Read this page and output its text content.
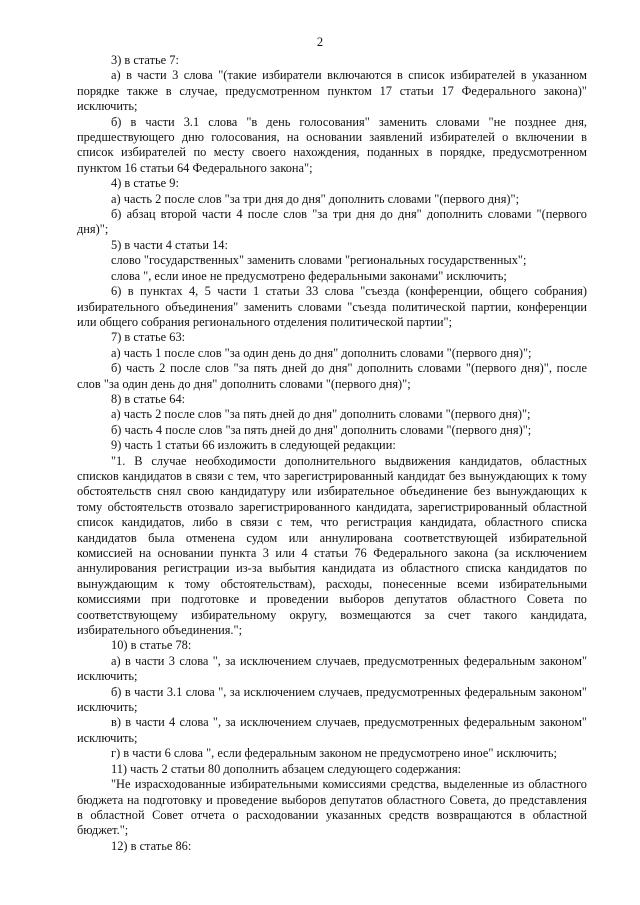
2

3) в статье 7:

а) в части 3 слова "(такие избиратели включаются в список избирателей в указанном порядке также в случае, предусмотренном пунктом 17 статьи 17 Федерального закона)" исключить;

б) в части 3.1 слова "в день голосования" заменить словами "не позднее дня, предшествующего дню голосования, на основании заявлений избирателей о включении в список избирателей по месту своего нахождения, поданных в порядке, предусмотренном пунктом 16 статьи 64 Федерального закона";

4) в статье 9:

а) часть 2 после слов "за три дня до дня" дополнить словами "(первого дня)";

б) абзац второй части 4 после слов "за три дня до дня" дополнить словами "(первого дня)";

5) в части 4 статьи 14:

слово "государственных" заменить словами "региональных государственных";

слова ", если иное не предусмотрено федеральными законами" исключить;

6) в пунктах 4, 5 части 1 статьи 33 слова "съезда (конференции, общего собрания) избирательного объединения" заменить словами "съезда политической партии, конференции или общего собрания регионального отделения политической партии";

7) в статье 63:

а) часть 1 после слов "за один день до дня" дополнить словами "(первого дня)";

б) часть 2 после слов "за пять дней до дня" дополнить словами "(первого дня)", после слов "за один день до дня" дополнить словами "(первого дня)";

8) в статье 64:

а) часть 2 после слов "за пять дней до дня" дополнить словами "(первого дня)";

б) часть 4 после слов "за пять дней до дня" дополнить словами "(первого дня)";

9) часть 1 статьи 66 изложить в следующей редакции:

"1. В случае необходимости дополнительного выдвижения кандидатов, областных списков кандидатов в связи с тем, что зарегистрированный кандидат без вынуждающих к тому обстоятельств снял свою кандидатуру или избирательное объединение без вынуждающих к тому обстоятельств отозвало зарегистрированного кандидата, зарегистрированный областной список кандидатов, либо в связи с тем, что регистрация кандидата, областного списка кандидатов была отменена судом или аннулирована соответствующей избирательной комиссией на основании пункта 3 или 4 статьи 76 Федерального закона (за исключением аннулирования регистрации из-за выбытия кандидата из областного списка кандидатов по вынуждающим к тому обстоятельствам), расходы, понесенные всеми избирательными комиссиями при подготовке и проведении выборов депутатов областного Совета по соответствующему избирательному округу, возмещаются за счет такого кандидата, избирательного объединения.";

10) в статье 78:

а) в части 3 слова ", за исключением случаев, предусмотренных федеральным законом" исключить;

б) в части 3.1 слова ", за исключением случаев, предусмотренных федеральным законом" исключить;

в) в части 4 слова ", за исключением случаев, предусмотренных федеральным законом" исключить;

г) в части 6 слова ", если федеральным законом не предусмотрено иное" исключить;

11) часть 2 статьи 80 дополнить абзацем следующего содержания:

"Не израсходованные избирательными комиссиями средства, выделенные из областного бюджета на подготовку и проведение выборов депутатов областного Совета, до представления в областной Совет отчета о расходовании указанных средств возвращаются в областной бюджет.";

12) в статье 86:
